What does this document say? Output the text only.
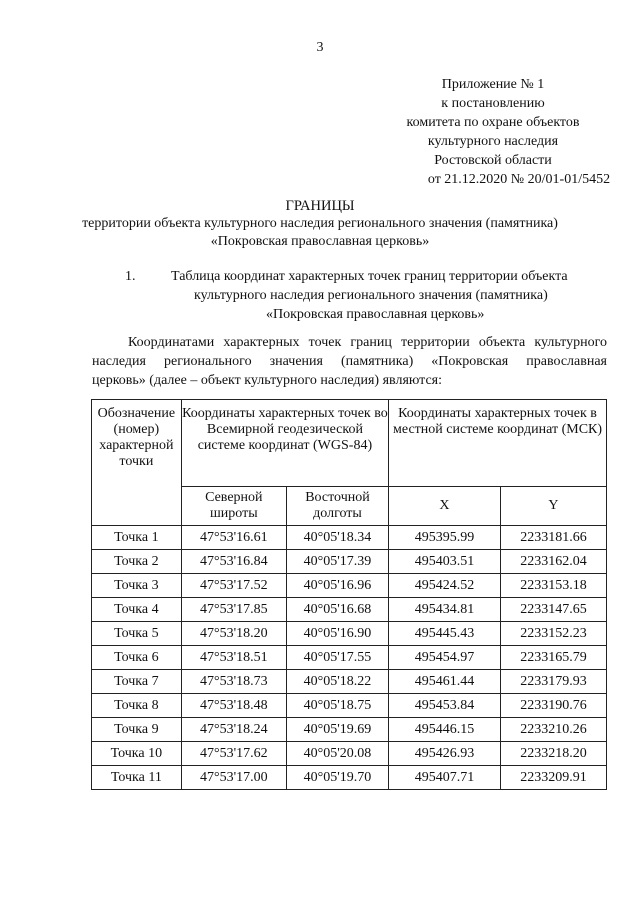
3
Приложение № 1
к постановлению
комитета по охране объектов
культурного наследия
Ростовской области
от 21.12.2020 № 20/01-01/5452
ГРАНИЦЫ
территории объекта культурного наследия регионального значения (памятника)
«Покровская православная церковь»
1.	Таблица координат характерных точек границ территории объекта
культурного наследия регионального значения (памятника)
«Покровская православная церковь»
Координатами характерных точек границ территории объекта культурного
наследия регионального значения (памятника) «Покровская православная
церковь» (далее – объект культурного наследия) являются:
Обозначение (номер) характерной точки	Координаты характерных точек во Всемирной геодезической системе координат (WGS-84)		Координаты характерных точек в местной системе координат (МСК)	
	Северной широты	Восточной долготы	X	Y
Точка 1	47°53'16.61	40°05'18.34	495395.99	2233181.66
Точка 2	47°53'16.84	40°05'17.39	495403.51	2233162.04
Точка 3	47°53'17.52	40°05'16.96	495424.52	2233153.18
Точка 4	47°53'17.85	40°05'16.68	495434.81	2233147.65
Точка 5	47°53'18.20	40°05'16.90	495445.43	2233152.23
Точка 6	47°53'18.51	40°05'17.55	495454.97	2233165.79
Точка 7	47°53'18.73	40°05'18.22	495461.44	2233179.93
Точка 8	47°53'18.48	40°05'18.75	495453.84	2233190.76
Точка 9	47°53'18.24	40°05'19.69	495446.15	2233210.26
Точка 10	47°53'17.62	40°05'20.08	495426.93	2233218.20
Точка 11	47°53'17.00	40°05'19.70	495407.71	2233209.91
